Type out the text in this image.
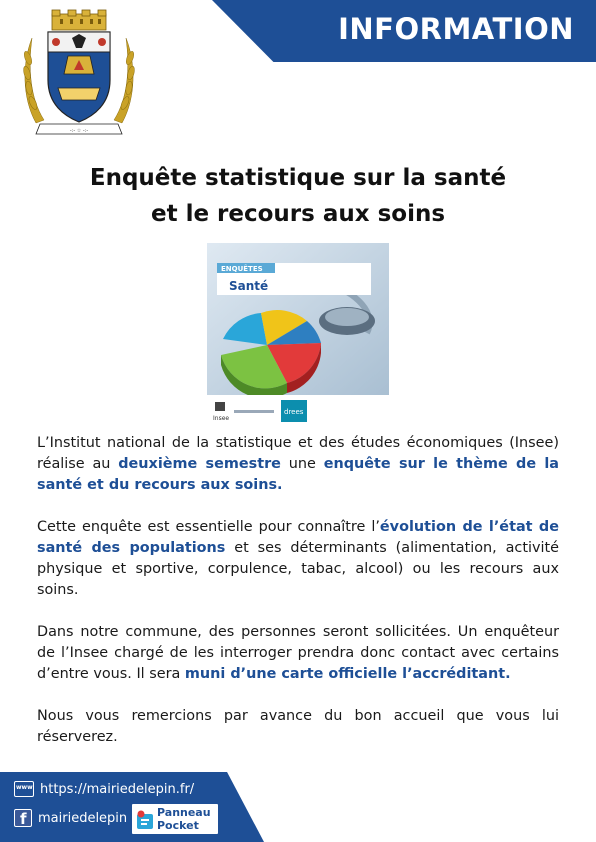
INFORMATION
-:- ☆ -:-
Enquête statistique sur la santé
et le recours aux soins
ENQUÊTES
Santé
Insee
drees

L’Institut national de la statistique et des études économiques (Insee) réalise au deuxième semestre une enquête sur le thème de la santé et du recours aux soins.

Cette enquête est essentielle pour connaître l’évolution de l’état de santé des populations et ses déterminants (alimentation, activité physique et sportive, corpulence, tabac, alcool) ou les recours aux soins.

Dans notre commune, des personnes seront sollicitées. Un enquêteur de l’Insee chargé de les interroger prendra donc contact avec certains d’entre vous. Il sera muni d’une carte officielle l’accréditant.

Nous vous remercions par avance du bon accueil que vous lui réserverez.

www https://mairiedelepin.fr/
f mairiedelepin	Panneau
Pocket
